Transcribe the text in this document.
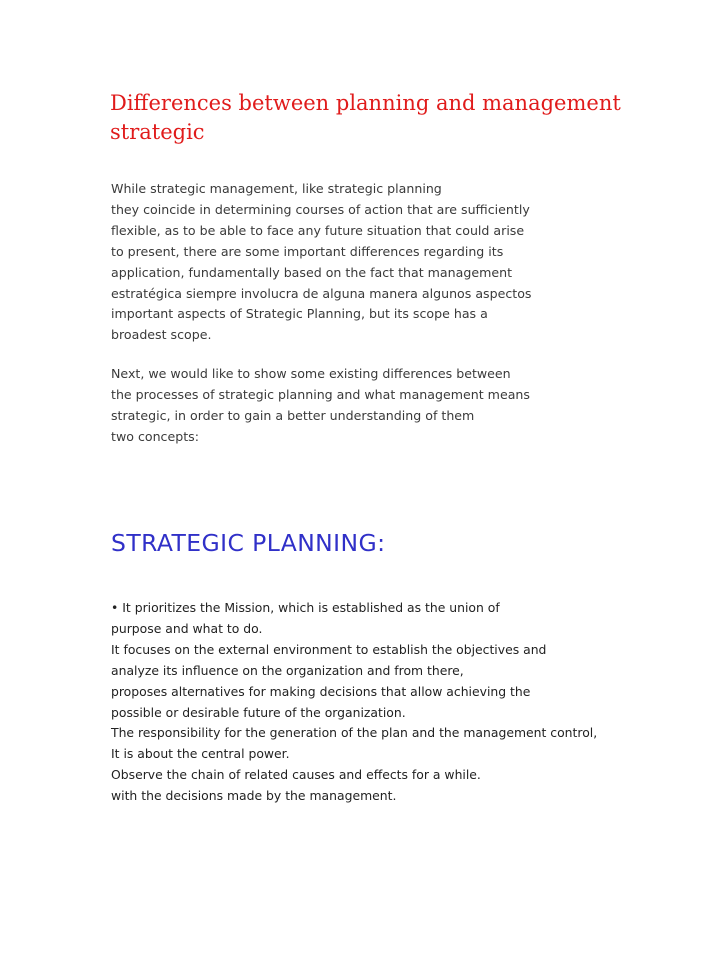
Differences between planning and management
strategic
While strategic management, like strategic planning
they coincide in determining courses of action that are sufficiently
flexible, as to be able to face any future situation that could arise
to present, there are some important differences regarding its
application, fundamentally based on the fact that management
estratégica siempre involucra de alguna manera algunos aspectos
important aspects of Strategic Planning, but its scope has a
broadest scope.
Next, we would like to show some existing differences between
the processes of strategic planning and what management means
strategic, in order to gain a better understanding of them
two concepts:
STRATEGIC PLANNING:
• It prioritizes the Mission, which is established as the union of
purpose and what to do.
It focuses on the external environment to establish the objectives and
analyze its influence on the organization and from there,
proposes alternatives for making decisions that allow achieving the
possible or desirable future of the organization.
The responsibility for the generation of the plan and the management control,
It is about the central power.
Observe the chain of related causes and effects for a while.
with the decisions made by the management.
